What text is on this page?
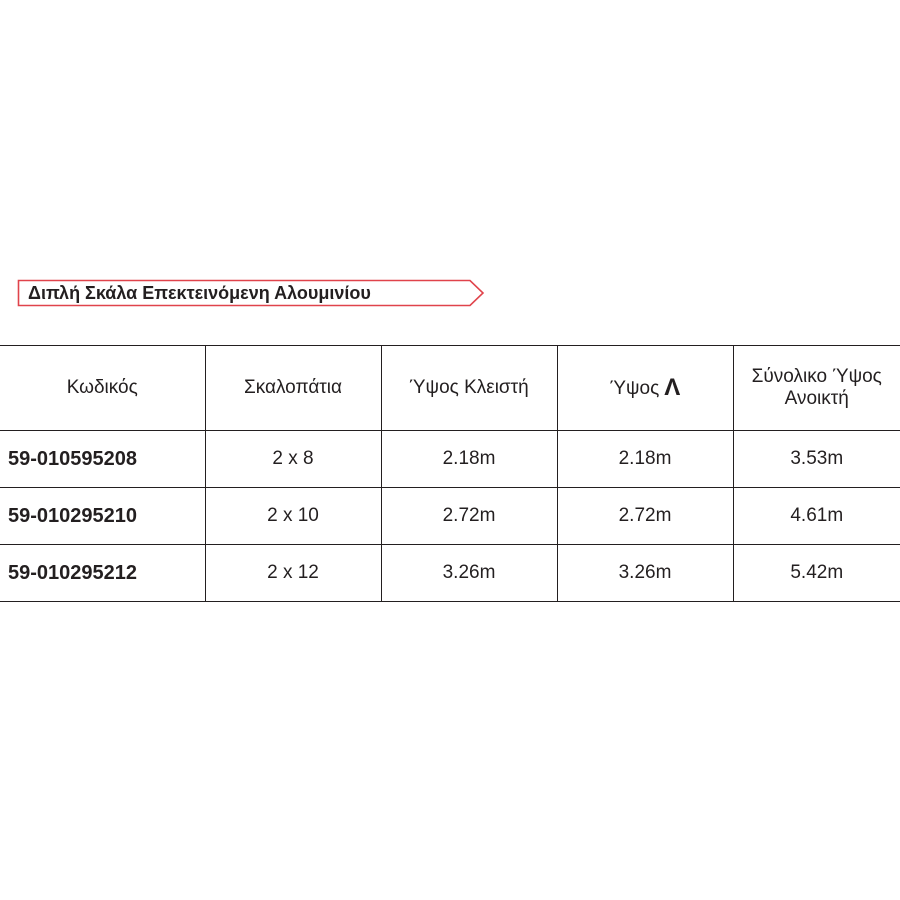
Διπλή Σκάλα Επεκτεινόμενη Αλουμινίου
Κωδικός	Σκαλοπάτια	Ύψος Κλειστή	Ύψος Λ	Σύνολικο Ύψος
Ανοικτή

59-010595208	2 x 8	2.18m	2.18m	3.53m
59-010295210	2 x 10	2.72m	2.72m	4.61m
59-010295212	2 x 12	3.26m	3.26m	5.42m
